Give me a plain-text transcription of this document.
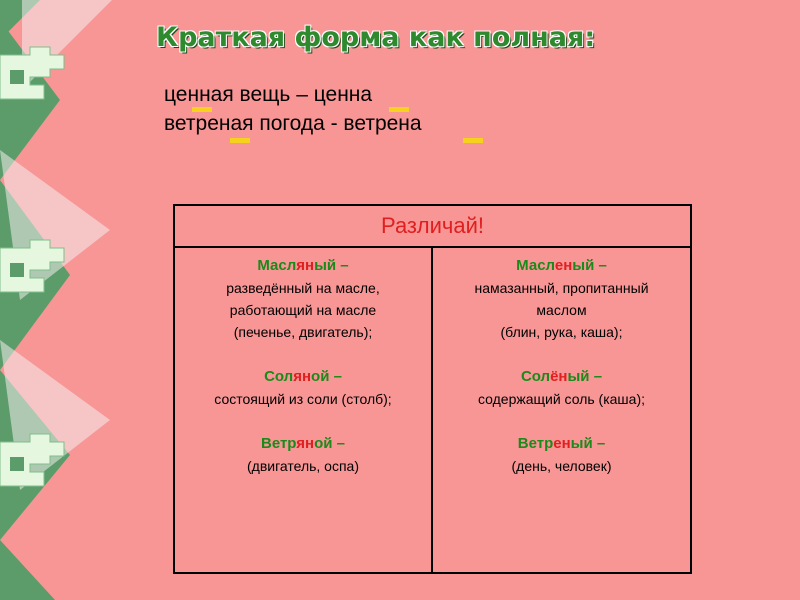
Краткая форма как полная:
ценная вещь – ценна
ветреная погода - ветрена
Различай!

Масляный –
разведённый на масле,
работающий на масле
(печенье, двигатель);
Соляной –
состоящий из соли (столб);
Ветряной –
(двигатель, оспа)

Масленый –
намазанный, пропитанный
маслом
(блин, рука, каша);
Солёный –
содержащий соль (каша);
Ветреный –
(день, человек)
